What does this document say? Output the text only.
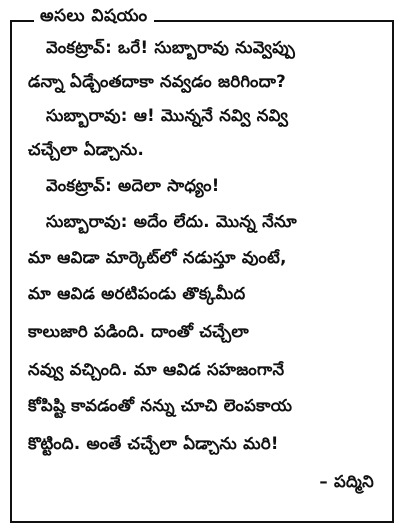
అసలు విషయం
వెంకట్రావ్: ఒరే! సుబ్బారావు నువ్వెప్పు
డన్నా ఏడ్చేంతదాకా నవ్వడం జరిగిందా?
సుబ్బారావు: ఆ! మొన్ననే నవ్వి నవ్వి
చచ్చేలా ఏడ్చాను.
వెంకట్రావ్: అదెలా సాధ్యం!
సుబ్బారావు: అదేం లేదు. మొన్న నేనూ
మా ఆవిడా మార్కెట్‌లో నడుస్తూ వుంటే,
మా ఆవిడ అరటిపండు తొక్కమీద
కాలుజారి పడింది. దాంతో చచ్చేలా
నవ్వు వచ్చింది. మా ఆవిడ సహజంగానే
కోపిష్టి కావడంతో నన్ను చూచి లెంపకాయ
కొట్టింది. అంతే చచ్చేలా ఏడ్చాను మరి!
– పద్మిని
